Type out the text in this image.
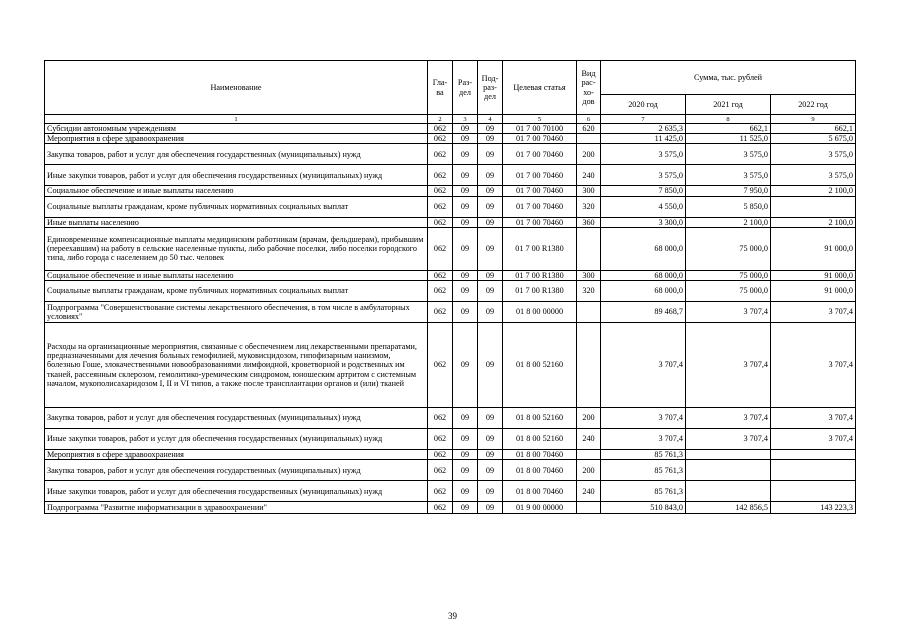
Наименование	Гла-ва	Раз-дел	Под-раз-дел	Целевая статья	Вид рас-хо-дов	Сумма, тыс. рублей		
						2020 год	2021 год	2022 год
1	2	3	4	5	6	7	8	9
Субсидии автономным учреждениям	062	09	09	01 7 00 70100	620	2 635,3	662,1	662,1
Мероприятия в сфере здравоохранения	062	09	09	01 7 00 70460		11 425,0	11 525,0	5 675,0
Закупка товаров, работ и услуг для обеспечения государственных (муниципальных) нужд	062	09	09	01 7 00 70460	200	3 575,0	3 575,0	3 575,0
Иные закупки товаров, работ и услуг для обеспечения государственных (муниципальных) нужд	062	09	09	01 7 00 70460	240	3 575,0	3 575,0	3 575,0
Социальное обеспечение и иные выплаты населению	062	09	09	01 7 00 70460	300	7 850,0	7 950,0	2 100,0
Социальные выплаты гражданам, кроме публичных нормативных социальных выплат	062	09	09	01 7 00 70460	320	4 550,0	5 850,0	
Иные выплаты населению	062	09	09	01 7 00 70460	360	3 300,0	2 100,0	2 100,0
Единовременные компенсационные выплаты медицинским работникам (врачам, фельдшерам), прибывшим (переехавшим) на работу в сельские населенные пункты, либо рабочие поселки, либо поселки городского типа, либо города с населением до 50 тыс. человек	062	09	09	01 7 00 R1380		68 000,0	75 000,0	91 000,0
Социальное обеспечение и иные выплаты населению	062	09	09	01 7 00 R1380	300	68 000,0	75 000,0	91 000,0
Социальные выплаты гражданам, кроме публичных нормативных социальных выплат	062	09	09	01 7 00 R1380	320	68 000,0	75 000,0	91 000,0
Подпрограмма "Совершенствование системы лекарственного обеспечения, в том числе в амбулаторных условиях"	062	09	09	01 8 00 00000		89 468,7	3 707,4	3 707,4
Расходы на организационные мероприятия, связанные с обеспечением лиц лекарственными препаратами, предназначенными для лечения больных гемофилией, муковисцидозом, гипофизарным нанизмом, болезнью Гоше, злокачественными новообразованиями лимфоидной, кроветворной и родственных им тканей, рассеянным склерозом, гемолитико-уремическим синдромом, юношеским артритом с системным началом, мукополисахаридозом I, II и VI типов, а также после трансплантации органов и (или) тканей	062	09	09	01 8 00 52160		3 707,4	3 707,4	3 707,4
Закупка товаров, работ и услуг для обеспечения государственных (муниципальных) нужд	062	09	09	01 8 00 52160	200	3 707,4	3 707,4	3 707,4
Иные закупки товаров, работ и услуг для обеспечения государственных (муниципальных) нужд	062	09	09	01 8 00 52160	240	3 707,4	3 707,4	3 707,4
Мероприятия в сфере здравоохранения	062	09	09	01 8 00 70460		85 761,3		
Закупка товаров, работ и услуг для обеспечения государственных (муниципальных) нужд	062	09	09	01 8 00 70460	200	85 761,3		
Иные закупки товаров, работ и услуг для обеспечения государственных (муниципальных) нужд	062	09	09	01 8 00 70460	240	85 761,3		
Подпрограмма "Развитие информатизации в здравоохранении"	062	09	09	01 9 00 00000		510 843,0	142 856,5	143 223,3
39
